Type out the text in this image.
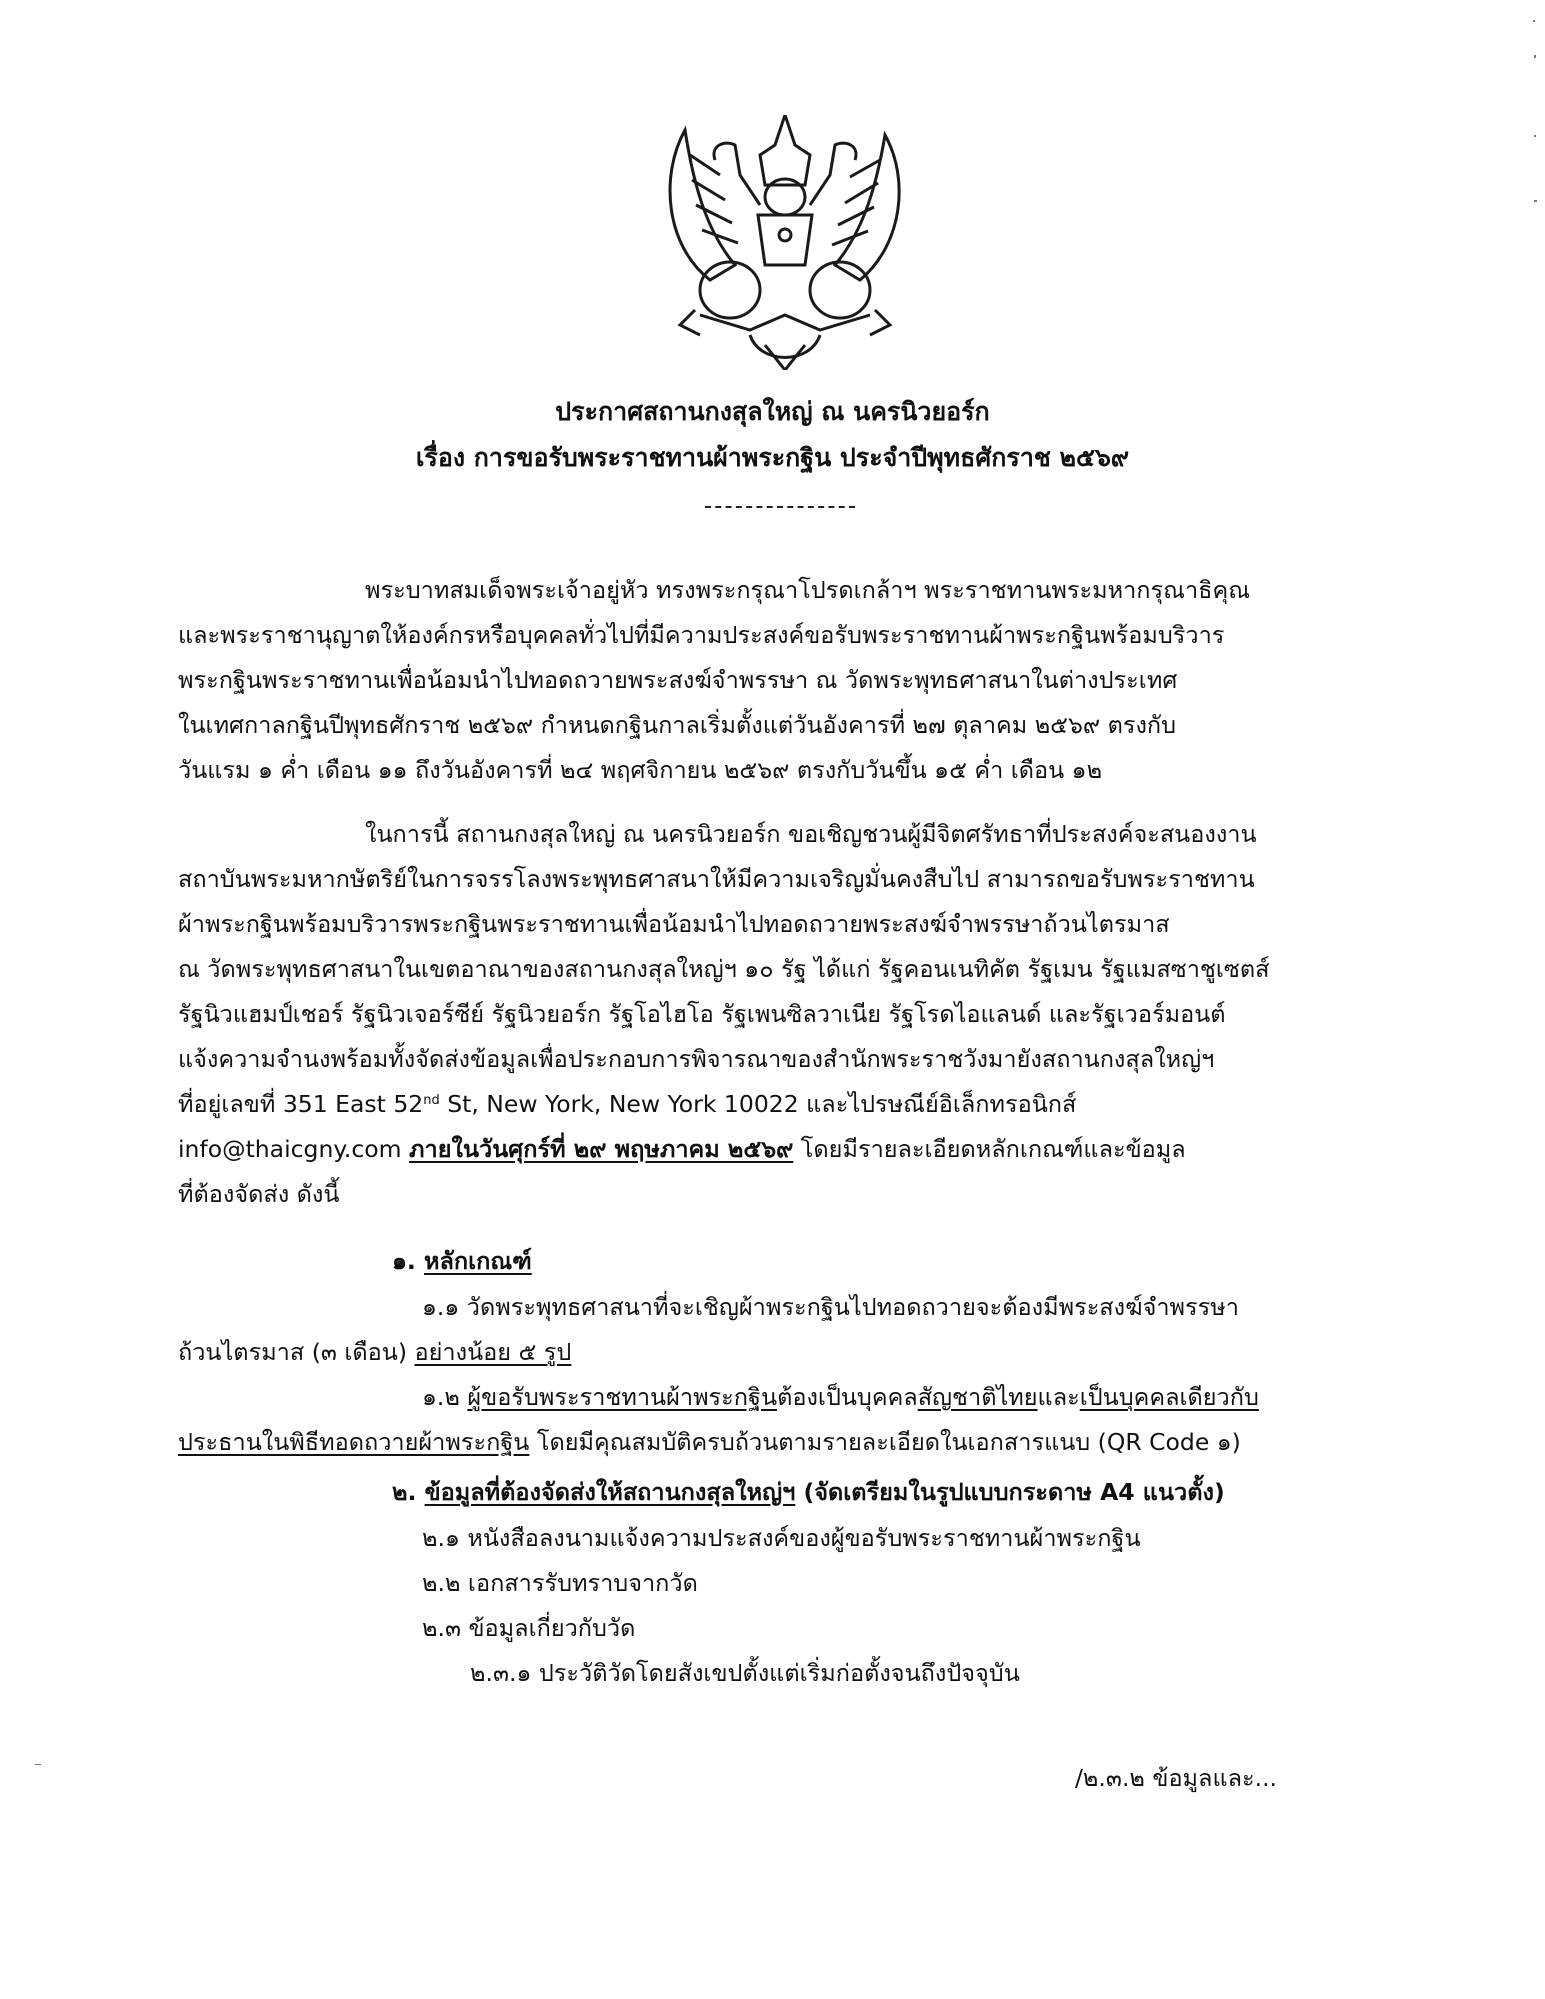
ประกาศสถานกงสุลใหญ่ ณ นครนิวยอร์ก
เรื่อง การขอรับพระราชทานผ้าพระกฐิน ประจำปีพุทธศักราช ๒๕๖๙
พระบาทสมเด็จพระเจ้าอยู่หัว ทรงพระกรุณาโปรดเกล้าฯ พระราชทานพระมหากรุณาธิคุณ
และพระราชานุญาตให้องค์กรหรือบุคคลทั่วไปที่มีความประสงค์ขอรับพระราชทานผ้าพระกฐินพร้อมบริวาร
พระกฐินพระราชทานเพื่อน้อมนำไปทอดถวายพระสงฆ์จำพรรษา ณ วัดพระพุทธศาสนาในต่างประเทศ
ในเทศกาลกฐินปีพุทธศักราช ๒๕๖๙ กำหนดกฐินกาลเริ่มตั้งแต่วันอังคารที่ ๒๗ ตุลาคม ๒๕๖๙ ตรงกับ
วันแรม ๑ ค่ำ เดือน ๑๑ ถึงวันอังคารที่ ๒๔ พฤศจิกายน ๒๕๖๙ ตรงกับวันขึ้น ๑๕ ค่ำ เดือน ๑๒
ในการนี้ สถานกงสุลใหญ่ ณ นครนิวยอร์ก ขอเชิญชวนผู้มีจิตศรัทธาที่ประสงค์จะสนองงาน
สถาบันพระมหากษัตริย์ในการจรรโลงพระพุทธศาสนาให้มีความเจริญมั่นคงสืบไป สามารถขอรับพระราชทาน
ผ้าพระกฐินพร้อมบริวารพระกฐินพระราชทานเพื่อน้อมนำไปทอดถวายพระสงฆ์จำพรรษาถ้วนไตรมาส
ณ วัดพระพุทธศาสนาในเขตอาณาของสถานกงสุลใหญ่ฯ ๑๐ รัฐ ได้แก่ รัฐคอนเนทิคัต รัฐเมน รัฐแมสซาชูเซตส์
รัฐนิวแฮมป์เชอร์ รัฐนิวเจอร์ซีย์ รัฐนิวยอร์ก รัฐโอไฮโอ รัฐเพนซิลวาเนีย รัฐโรดไอแลนด์ และรัฐเวอร์มอนต์
แจ้งความจำนงพร้อมทั้งจัดส่งข้อมูลเพื่อประกอบการพิจารณาของสำนักพระราชวังมายังสถานกงสุลใหญ่ฯ
ที่อยู่เลขที่ 351 East 52nd St, New York, New York 10022 และไปรษณีย์อิเล็กทรอนิกส์
info@thaicgny.com ภายในวันศุกร์ที่ ๒๙ พฤษภาคม ๒๕๖๙ โดยมีรายละเอียดหลักเกณฑ์และข้อมูล
ที่ต้องจัดส่ง ดังนี้
๑. หลักเกณฑ์
๑.๑ วัดพระพุทธศาสนาที่จะเชิญผ้าพระกฐินไปทอดถวายจะต้องมีพระสงฆ์จำพรรษา
ถ้วนไตรมาส (๓ เดือน) อย่างน้อย ๕ รูป
๑.๒ ผู้ขอรับพระราชทานผ้าพระกฐินต้องเป็นบุคคลสัญชาติไทยและเป็นบุคคลเดียวกับ
ประธานในพิธีทอดถวายผ้าพระกฐิน โดยมีคุณสมบัติครบถ้วนตามรายละเอียดในเอกสารแนบ (QR Code ๑)
๒. ข้อมูลที่ต้องจัดส่งให้สถานกงสุลใหญ่ฯ (จัดเตรียมในรูปแบบกระดาษ A4 แนวตั้ง)
๒.๑ หนังสือลงนามแจ้งความประสงค์ของผู้ขอรับพระราชทานผ้าพระกฐิน
๒.๒ เอกสารรับทราบจากวัด
๒.๓ ข้อมูลเกี่ยวกับวัด
๒.๓.๑ ประวัติวัดโดยสังเขปตั้งแต่เริ่มก่อตั้งจนถึงปัจจุบัน
/๒.๓.๒ ข้อมูลและ...
